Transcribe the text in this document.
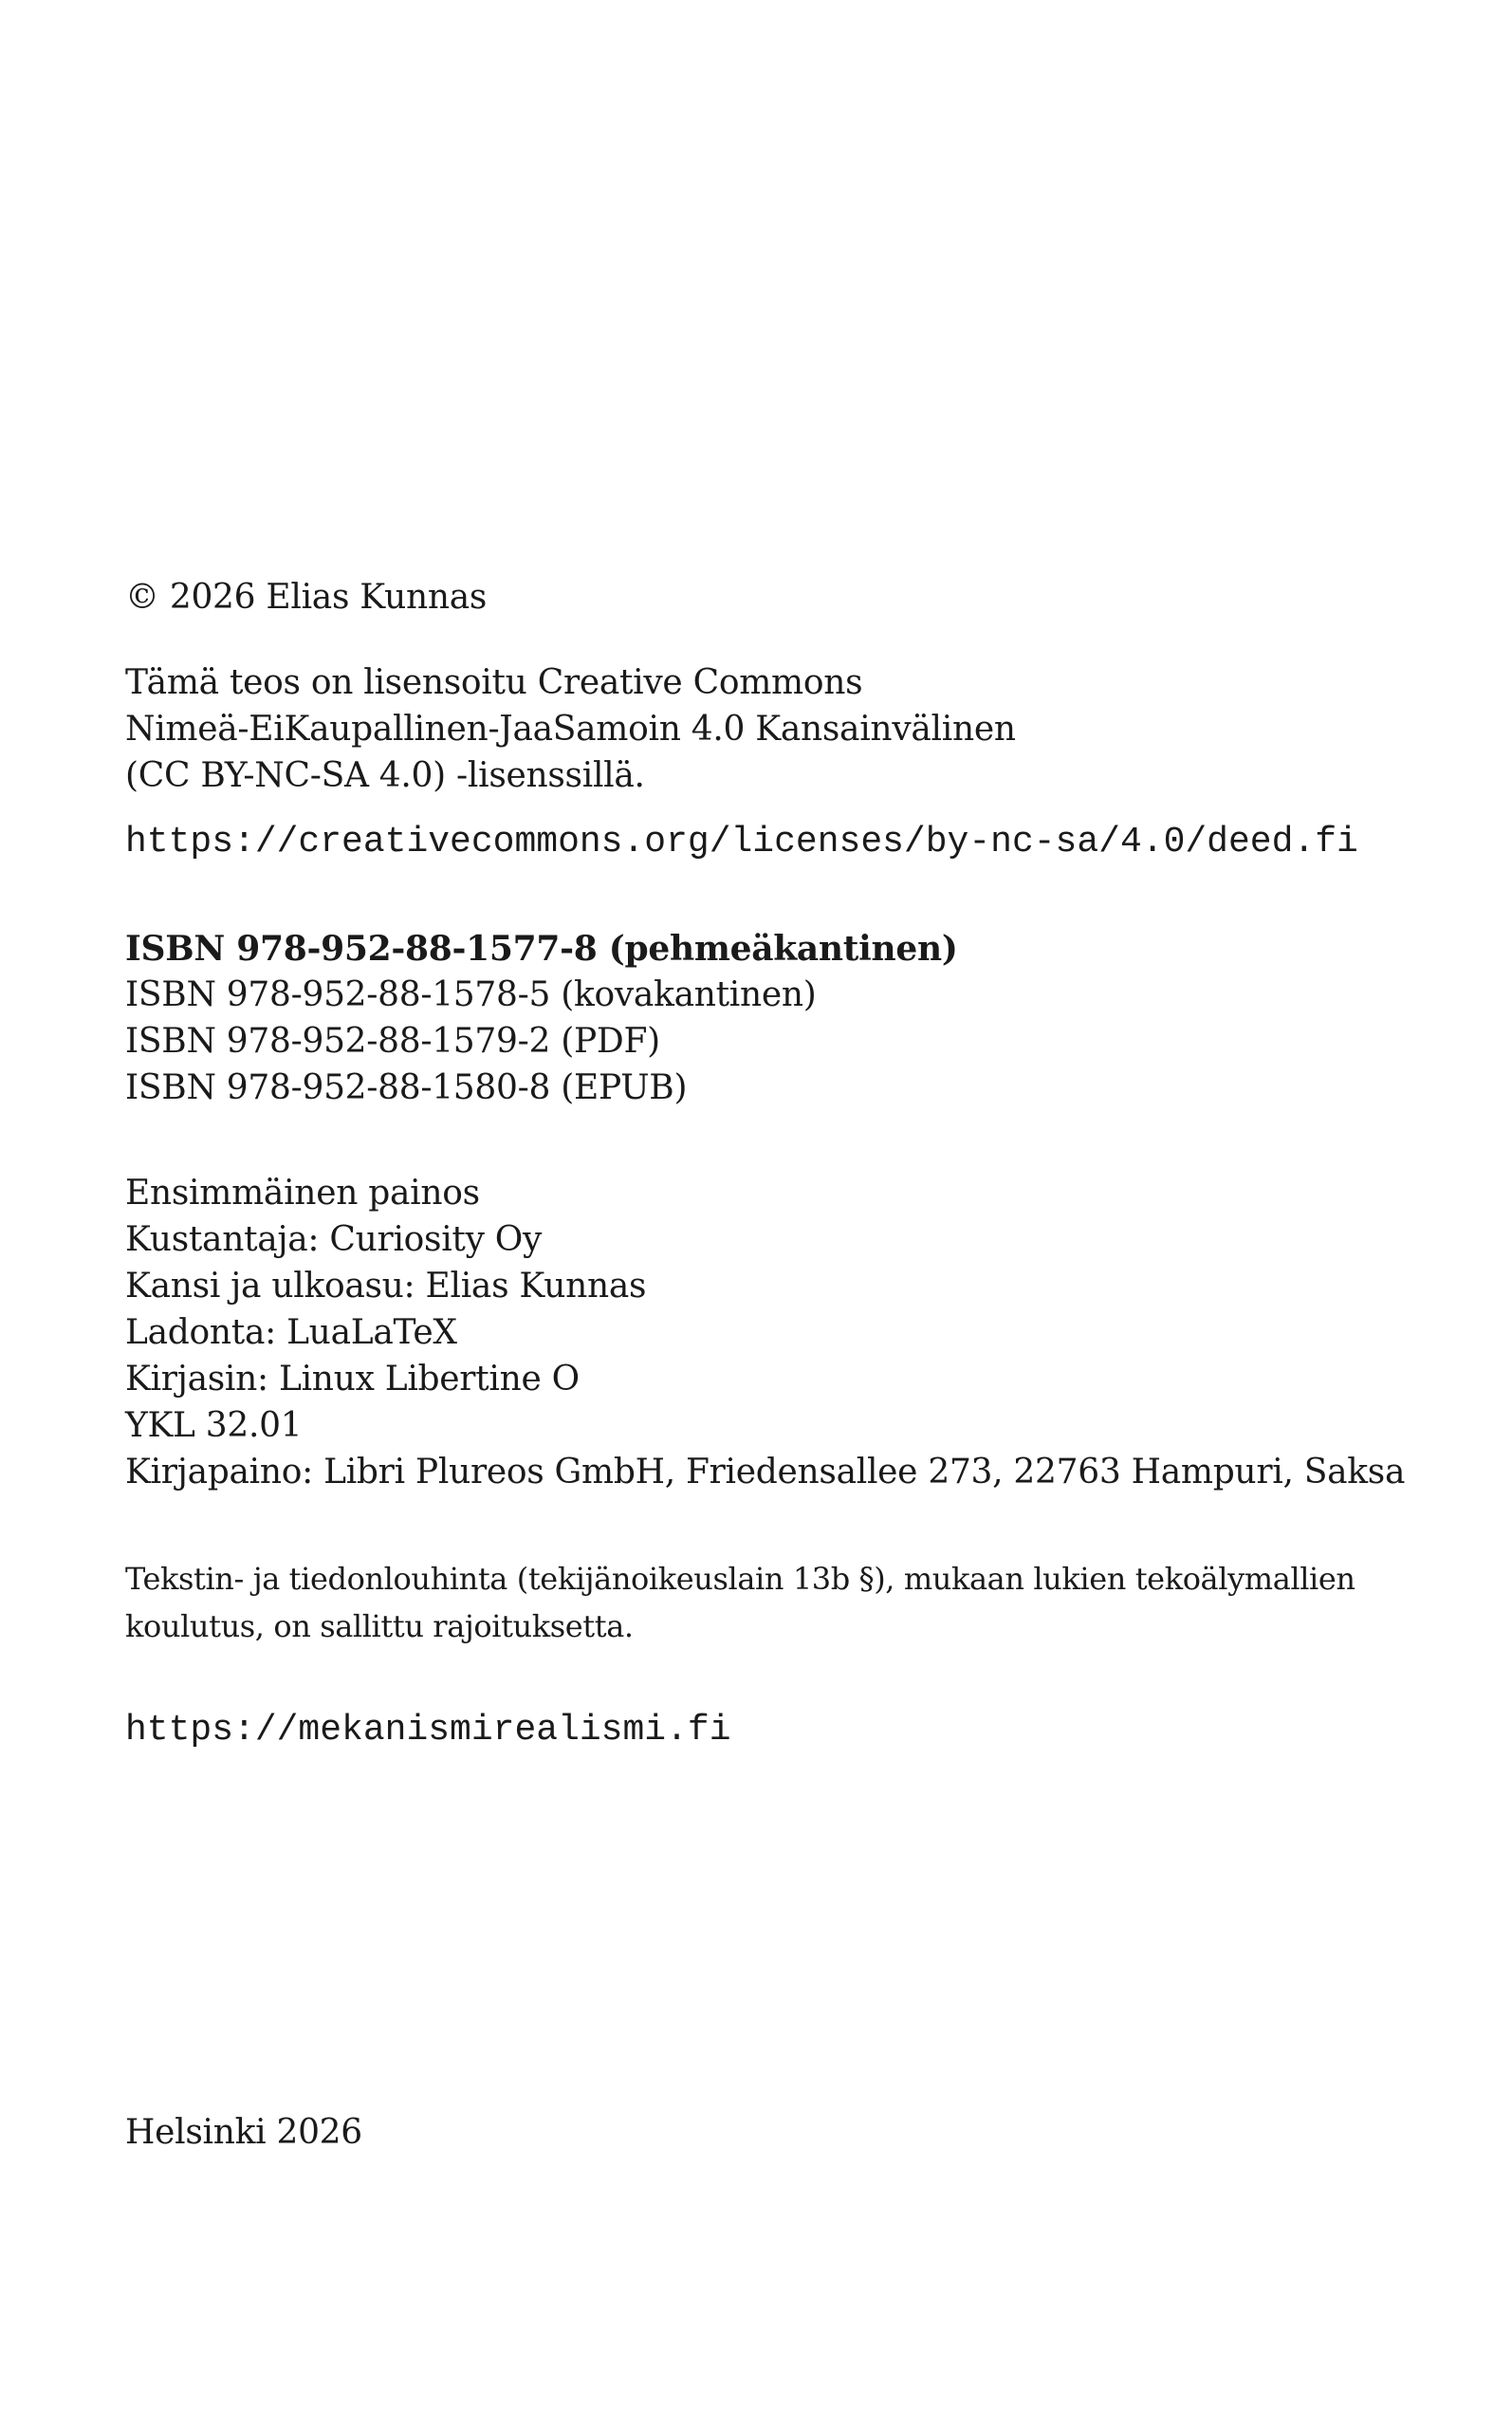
© 2026 Elias Kunnas
Tämä teos on lisensoitu Creative Commons
Nimeä-EiKaupallinen-JaaSamoin 4.0 Kansainvälinen
(CC BY-NC-SA 4.0) -lisenssillä.
https://creativecommons.org/licenses/by-nc-sa/4.0/deed.fi
ISBN 978-952-88-1577-8 (pehmeäkantinen)
ISBN 978-952-88-1578-5 (kovakantinen)
ISBN 978-952-88-1579-2 (PDF)
ISBN 978-952-88-1580-8 (EPUB)
Ensimmäinen painos
Kustantaja: Curiosity Oy
Kansi ja ulkoasu: Elias Kunnas
Ladonta: LuaLaTeX
Kirjasin: Linux Libertine O
YKL 32.01
Kirjapaino: Libri Plureos GmbH, Friedensallee 273, 22763 Hampuri, Saksa
Tekstin- ja tiedonlouhinta (tekijänoikeuslain 13b §), mukaan lukien tekoälymallien
koulutus, on sallittu rajoituksetta.
https://mekanismirealismi.fi
Helsinki 2026
